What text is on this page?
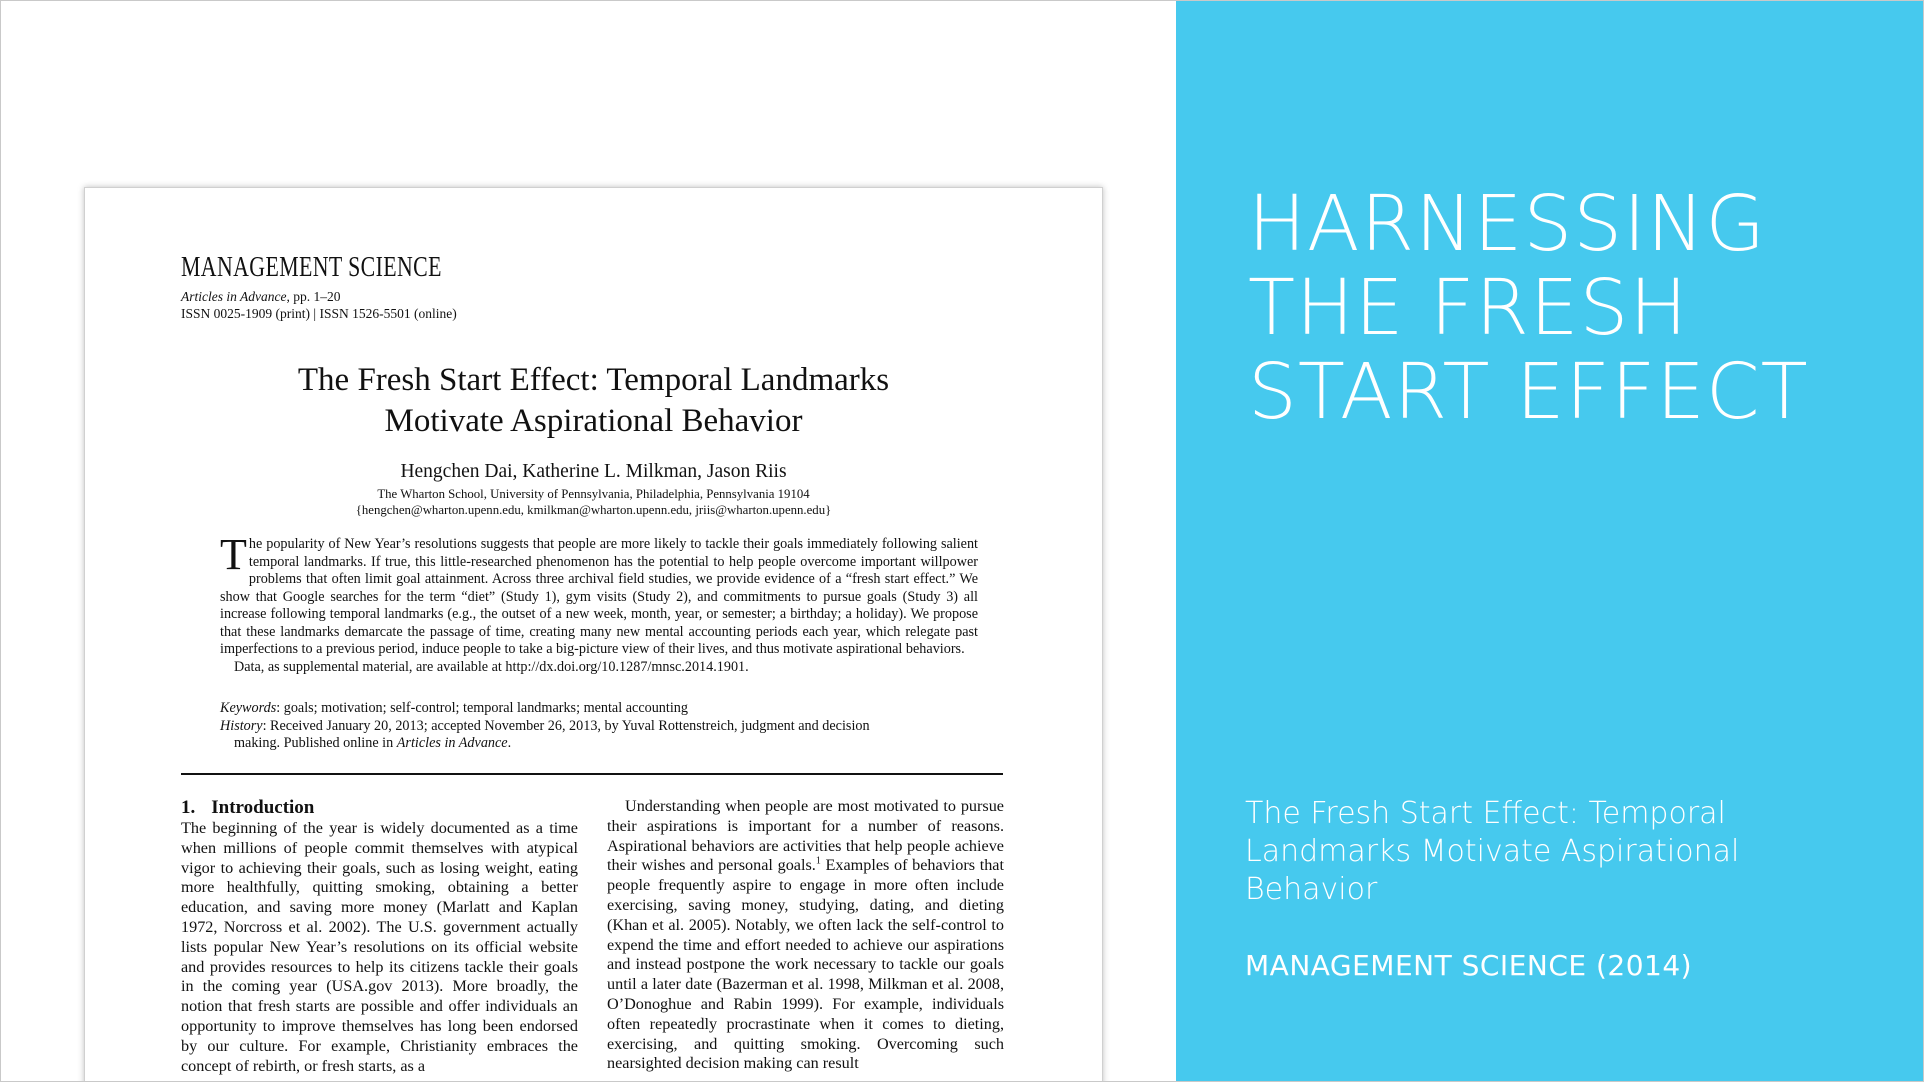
MANAGEMENT SCIENCE
Articles in Advance, pp. 1–20
ISSN 0025-1909 (print) | ISSN 1526-5501 (online)
The Fresh Start Effect: Temporal Landmarks
Motivate Aspirational Behavior
Hengchen Dai, Katherine L. Milkman, Jason Riis
The Wharton School, University of Pennsylvania, Philadelphia, Pennsylvania 19104
{hengchen@wharton.upenn.edu, kmilkman@wharton.upenn.edu, jriis@wharton.upenn.edu}
The popularity of New Year’s resolutions suggests that people are more likely to tackle their goals immediately following salient temporal landmarks. If true, this little-researched phenomenon has the potential to help people overcome important willpower problems that often limit goal attainment. Across three archival field studies, we provide evidence of a “fresh start effect.” We show that Google searches for the term “diet” (Study 1), gym visits (Study 2), and commitments to pursue goals (Study 3) all increase following temporal landmarks (e.g., the outset of a new week, month, year, or semester; a birthday; a holiday). We propose that these landmarks demarcate the passage of time, creating many new mental accounting periods each year, which relegate past imperfections to a previous period, induce people to take a big-picture view of their lives, and thus motivate aspirational behaviors.
Data, as supplemental material, are available at http://dx.doi.org/10.1287/mnsc.2014.1901.
Keywords: goals; motivation; self-control; temporal landmarks; mental accounting
History: Received January 20, 2013; accepted November 26, 2013, by Yuval Rottenstreich, judgment and decision
making. Published online in Articles in Advance.
1. Introduction
The beginning of the year is widely documented as a time when millions of people commit themselves with atypical vigor to achieving their goals, such as losing weight, eating more healthfully, quitting smoking, obtaining a better education, and saving more money (Marlatt and Kaplan 1972, Norcross et al. 2002). The U.S. government actually lists popular New Year’s resolutions on its official website and provides resources to help its citizens tackle their goals in the coming year (USA.gov 2013). More broadly, the notion that fresh starts are possible and offer individuals an opportunity to improve themselves has long been endorsed by our culture. For example, Christianity embraces the concept of rebirth, or fresh starts, as a
Understanding when people are most motivated to pursue their aspirations is important for a number of reasons. Aspirational behaviors are activities that help people achieve their wishes and personal goals.$^1$ Examples of behaviors that people frequently aspire to engage in more often include exercising, saving money, studying, dating, and dieting (Khan et al. 2005). Notably, we often lack the self-control to expend the time and effort needed to achieve our aspirations and instead postpone the work necessary to tackle our goals until a later date (Bazerman et al. 1998, Milkman et al. 2008, O’Donoghue and Rabin 1999). For example, individuals often repeatedly procrastinate when it comes to dieting, exercising, and quitting smoking. Overcoming such nearsighted decision making can result
HARNESSING
THE FRESH
START EFFECT
The Fresh Start Effect: Temporal Landmarks Motivate Aspirational Behavior
MANAGEMENT SCIENCE (2014)
